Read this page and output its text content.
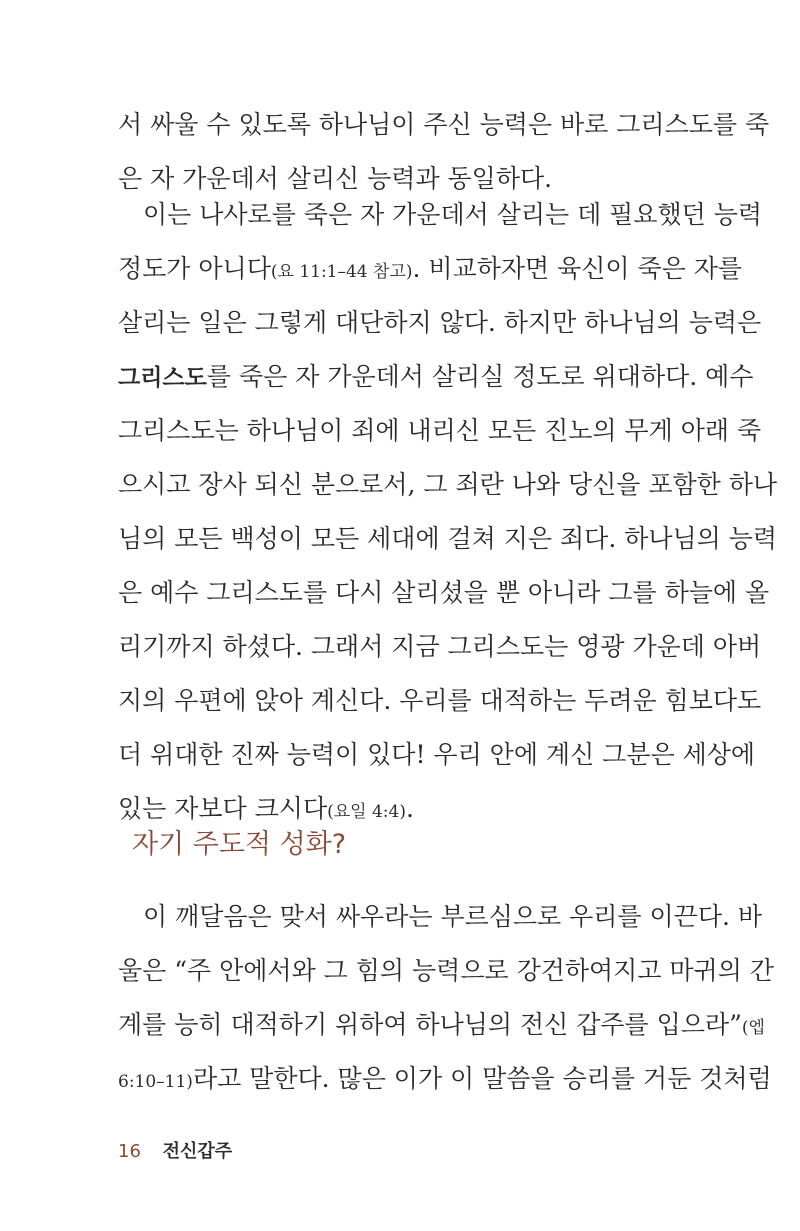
서 싸울 수 있도록 하나님이 주신 능력은 바로 그리스도를 죽
은 자 가운데서 살리신 능력과 동일하다.
이는 나사로를 죽은 자 가운데서 살리는 데 필요했던 능력
정도가 아니다(요 11:1–44 참고). 비교하자면 육신이 죽은 자를
살리는 일은 그렇게 대단하지 않다. 하지만 하나님의 능력은
그리스도를 죽은 자 가운데서 살리실 정도로 위대하다. 예수
그리스도는 하나님이 죄에 내리신 모든 진노의 무게 아래 죽
으시고 장사 되신 분으로서, 그 죄란 나와 당신을 포함한 하나
님의 모든 백성이 모든 세대에 걸쳐 지은 죄다. 하나님의 능력
은 예수 그리스도를 다시 살리셨을 뿐 아니라 그를 하늘에 올
리기까지 하셨다. 그래서 지금 그리스도는 영광 가운데 아버
지의 우편에 앉아 계신다. 우리를 대적하는 두려운 힘보다도
더 위대한 진짜 능력이 있다! 우리 안에 계신 그분은 세상에
있는 자보다 크시다(요일 4:4).
자기 주도적 성화?
이 깨달음은 맞서 싸우라는 부르심으로 우리를 이끈다. 바
울은 “주 안에서와 그 힘의 능력으로 강건하여지고 마귀의 간
계를 능히 대적하기 위하여 하나님의 전신 갑주를 입으라”(엡
6:10–11)라고 말한다. 많은 이가 이 말씀을 승리를 거둔 것처럼
16 전신갑주
